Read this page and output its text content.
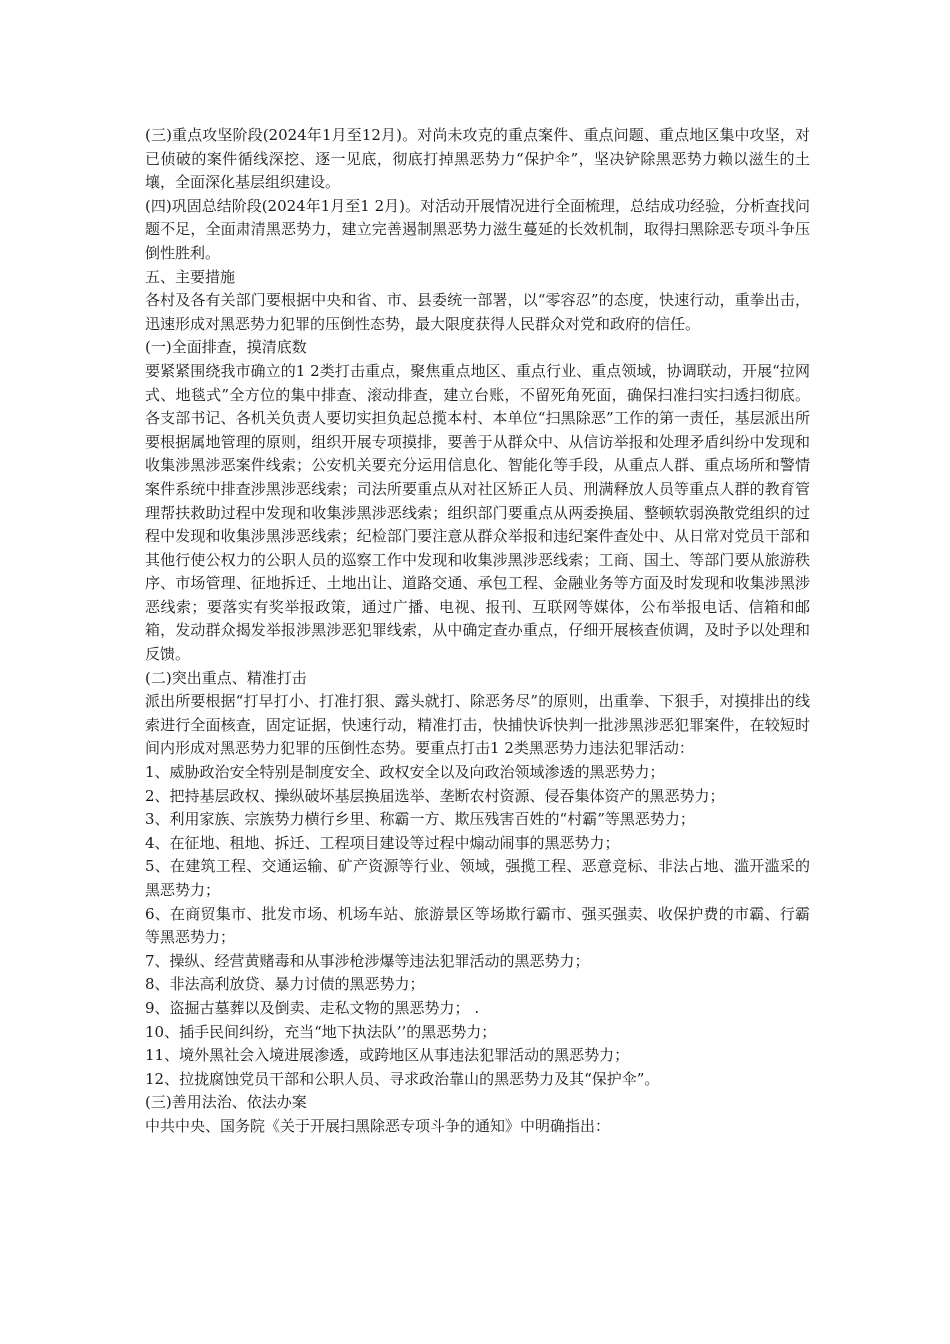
(三)重点攻坚阶段(2024年1月至12月)。对尚未攻克的重点案件、重点问题、重点地区集中攻坚，对已侦破的案件循线深挖、逐一见底，彻底打掉黑恶势力“保护伞”，坚决铲除黑恶势力赖以滋生的土壤，全面深化基层组织建设。

(四)巩固总结阶段(2024年1月至1 2月)。对活动开展情况进行全面梳理，总结成功经验，分析查找问题不足，全面肃清黑恶势力，建立完善遏制黑恶势力滋生蔓延的长效机制，取得扫黑除恶专项斗争压倒性胜利。

五、主要措施

各村及各有关部门要根据中央和省、市、县委统一部署，以“零容忍”的态度，快速行动，重拳出击，迅速形成对黑恶势力犯罪的压倒性态势，最大限度获得人民群众对党和政府的信任。

(一)全面排查，摸清底数

要紧紧围绕我市确立的1 2类打击重点，聚焦重点地区、重点行业、重点领域，协调联动，开展“拉网式、地毯式”全方位的集中排查、滚动排查，建立台账，不留死角死面，确保扫准扫实扫透扫彻底。各支部书记、各机关负责人要切实担负起总揽本村、本单位“扫黑除恶”工作的第一责任，基层派出所要根据属地管理的原则，组织开展专项摸排，要善于从群众中、从信访举报和处理矛盾纠纷中发现和收集涉黑涉恶案件线索；公安机关要充分运用信息化、智能化等手段，从重点人群、重点场所和警情案件系统中排查涉黑涉恶线索；司法所要重点从对社区矫正人员、刑满释放人员等重点人群的教育管理帮扶救助过程中发现和收集涉黑涉恶线索；组织部门要重点从两委换届、整顿软弱涣散党组织的过程中发现和收集涉黑涉恶线索；纪检部门要注意从群众举报和违纪案件查处中、从日常对党员干部和其他行使公权力的公职人员的巡察工作中发现和收集涉黑涉恶线索；工商、国土、等部门要从旅游秩序、市场管理、征地拆迁、土地出让、道路交通、承包工程、金融业务等方面及时发现和收集涉黑涉恶线索；要落实有奖举报政策，通过广播、电视、报刊、互联网等媒体，公布举报电话、信箱和邮箱，发动群众揭发举报涉黑涉恶犯罪线索，从中确定查办重点，仔细开展核查侦调，及时予以处理和反馈。

(二)突出重点、精准打击

派出所要根据“打早打小、打准打狠、露头就打、除恶务尽”的原则，出重拳、下狠手，对摸排出的线索进行全面核查，固定证据，快速行动，精准打击，快捕快诉快判一批涉黑涉恶犯罪案件，在较短时间内形成对黑恶势力犯罪的压倒性态势。要重点打击1 2类黑恶势力违法犯罪活动：

1、威胁政治安全特别是制度安全、政权安全以及向政治领域渗透的黑恶势力；

2、把持基层政权、操纵破坏基层换届选举、垄断农村资源、侵吞集体资产的黑恶势力；

3、利用家族、宗族势力横行乡里、称霸一方、欺压残害百姓的“村霸”等黑恶势力；

4、在征地、租地、拆迁、工程项目建设等过程中煽动闹事的黑恶势力；

5、在建筑工程、交通运输、矿产资源等行业、领域，强揽工程、恶意竞标、非法占地、滥开滥采的黑恶势力；

6、在商贸集市、批发市场、机场车站、旅游景区等场欺行霸市、强买强卖、收保护费的市霸、行霸等黑恶势力；

7、操纵、经营黄赌毒和从事涉枪涉爆等违法犯罪活动的黑恶势力；

8、非法高利放贷、暴力讨债的黑恶势力；

9、盗掘古墓葬以及倒卖、走私文物的黑恶势力； .

10、插手民间纠纷，充当“地下执法队’’的黑恶势力；

11、境外黑社会入境进展渗透，或跨地区从事违法犯罪活动的黑恶势力；

12、拉拢腐蚀党员干部和公职人员、寻求政治靠山的黑恶势力及其“保护伞”。

(三)善用法治、依法办案

中共中央、国务院《关于开展扫黑除恶专项斗争的通知》中明确指出：
